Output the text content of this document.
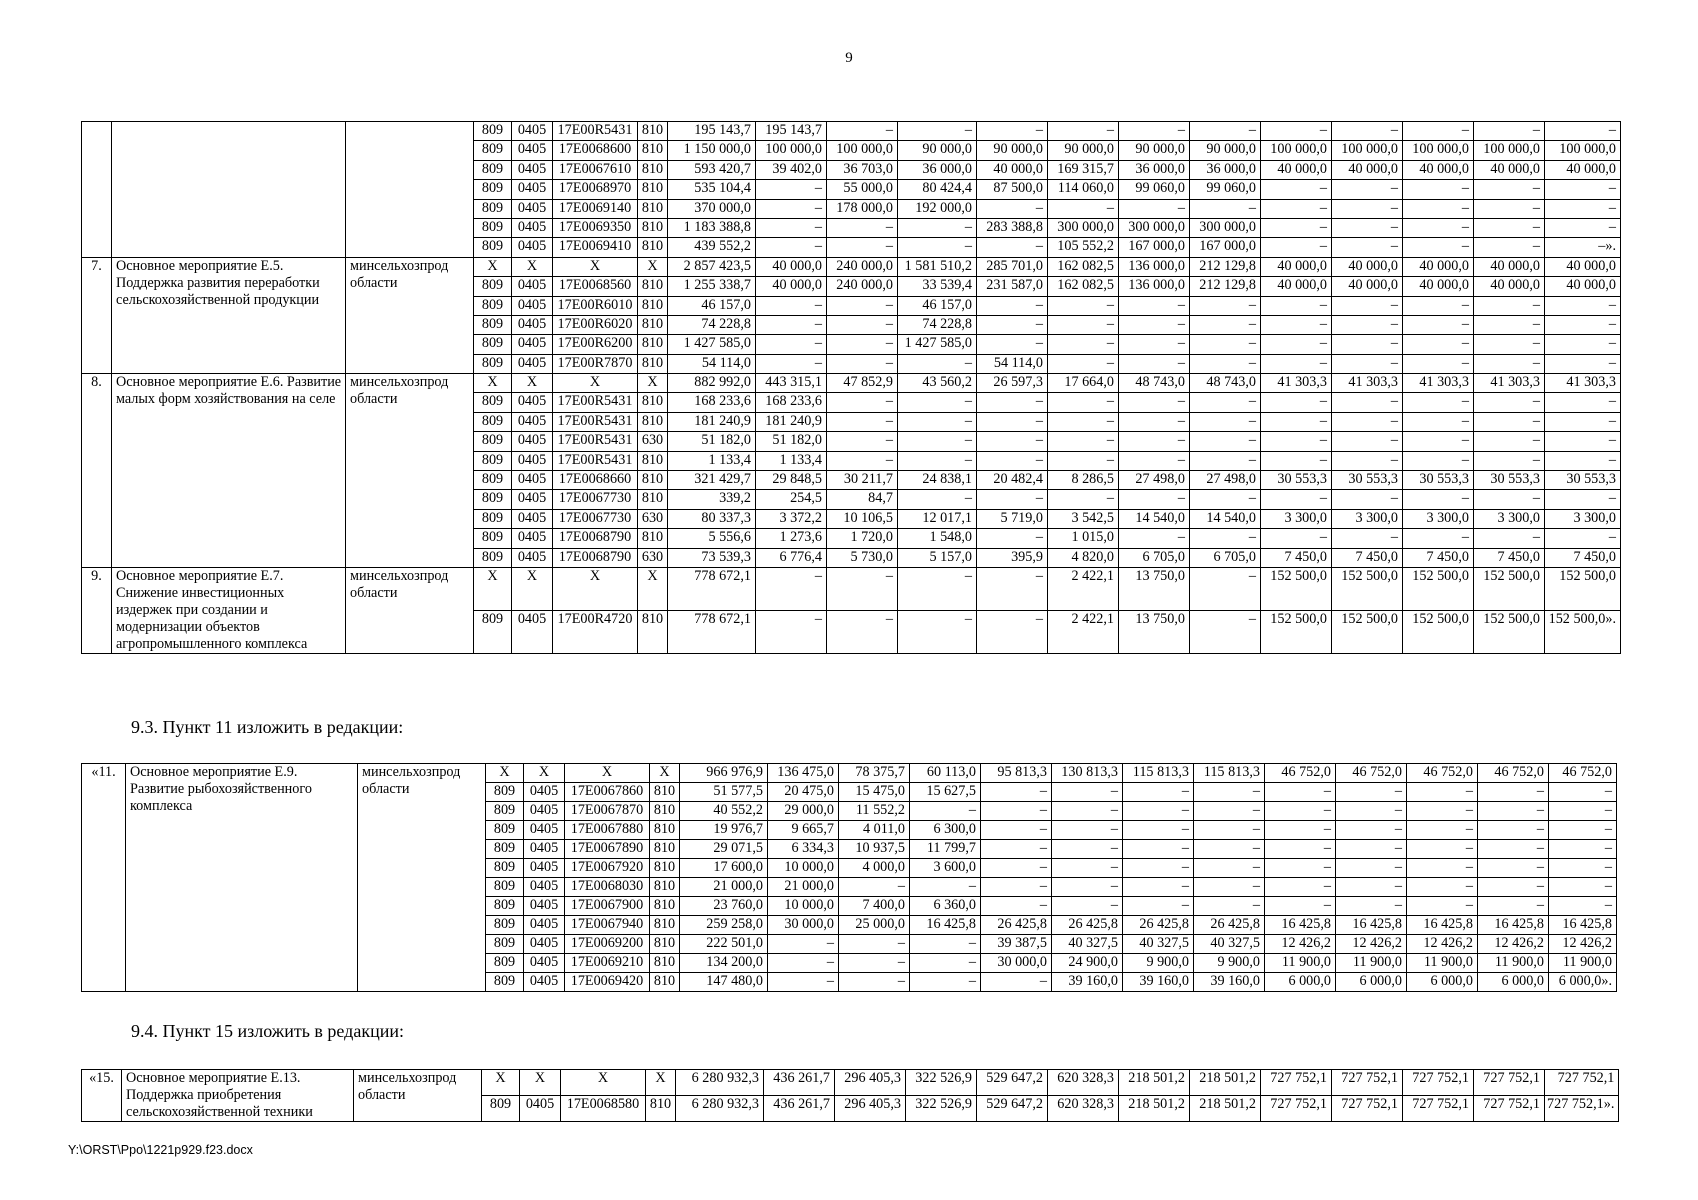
9
			809	0405	17E00R5431	810	195 143,7	195 143,7	–	–	–	–	–	–	–	–	–	–	–
			809	0405	17E0068600	810	1 150 000,0	100 000,0	100 000,0	90 000,0	90 000,0	90 000,0	90 000,0	90 000,0	100 000,0	100 000,0	100 000,0	100 000,0	100 000,0
			809	0405	17E0067610	810	593 420,7	39 402,0	36 703,0	36 000,0	40 000,0	169 315,7	36 000,0	36 000,0	40 000,0	40 000,0	40 000,0	40 000,0	40 000,0
			809	0405	17E0068970	810	535 104,4	–	55 000,0	80 424,4	87 500,0	114 060,0	99 060,0	99 060,0	–	–	–	–	–
			809	0405	17E0069140	810	370 000,0	–	178 000,0	192 000,0	–	–	–	–	–	–	–	–	–
			809	0405	17E0069350	810	1 183 388,8	–	–	–	283 388,8	300 000,0	300 000,0	300 000,0	–	–	–	–	–
			809	0405	17E0069410	810	439 552,2	–	–	–	–	105 552,2	167 000,0	167 000,0	–	–	–	–	–».
7.	Основное мероприятие Е.5. Поддержка развития переработки сельскохозяйственной продукции	минсельхозпрод области	X	X	X	X	2 857 423,5	40 000,0	240 000,0	1 581 510,2	285 701,0	162 082,5	136 000,0	212 129,8	40 000,0	40 000,0	40 000,0	40 000,0	40 000,0
			809	0405	17E0068560	810	1 255 338,7	40 000,0	240 000,0	33 539,4	231 587,0	162 082,5	136 000,0	212 129,8	40 000,0	40 000,0	40 000,0	40 000,0	40 000,0
			809	0405	17E00R6010	810	46 157,0	–	–	46 157,0	–	–	–	–	–	–	–	–	–
			809	0405	17E00R6020	810	74 228,8	–	–	74 228,8	–	–	–	–	–	–	–	–	–
			809	0405	17E00R6200	810	1 427 585,0	–	–	1 427 585,0	–	–	–	–	–	–	–	–	–
			809	0405	17E00R7870	810	54 114,0	–	–	–	54 114,0	–	–	–	–	–	–	–	–
8.	Основное мероприятие Е.6. Развитие малых форм хозяйствования на селе	минсельхозпрод области	X	X	X	X	882 992,0	443 315,1	47 852,9	43 560,2	26 597,3	17 664,0	48 743,0	48 743,0	41 303,3	41 303,3	41 303,3	41 303,3	41 303,3
			809	0405	17E00R5431	810	168 233,6	168 233,6	–	–	–	–	–	–	–	–	–	–	–
			809	0405	17E00R5431	810	181 240,9	181 240,9	–	–	–	–	–	–	–	–	–	–	–
			809	0405	17E00R5431	630	51 182,0	51 182,0	–	–	–	–	–	–	–	–	–	–	–
			809	0405	17E00R5431	810	1 133,4	1 133,4	–	–	–	–	–	–	–	–	–	–	–
			809	0405	17E0068660	810	321 429,7	29 848,5	30 211,7	24 838,1	20 482,4	8 286,5	27 498,0	27 498,0	30 553,3	30 553,3	30 553,3	30 553,3	30 553,3
			809	0405	17E0067730	810	339,2	254,5	84,7	–	–	–	–	–	–	–	–	–	–
			809	0405	17E0067730	630	80 337,3	3 372,2	10 106,5	12 017,1	5 719,0	3 542,5	14 540,0	14 540,0	3 300,0	3 300,0	3 300,0	3 300,0	3 300,0
			809	0405	17E0068790	810	5 556,6	1 273,6	1 720,0	1 548,0	–	1 015,0	–	–	–	–	–	–	–
			809	0405	17E0068790	630	73 539,3	6 776,4	5 730,0	5 157,0	395,9	4 820,0	6 705,0	6 705,0	7 450,0	7 450,0	7 450,0	7 450,0	7 450,0
9.	Основное мероприятие Е.7. Снижение инвестиционных издержек при создании и модернизации объектов агропромышленного комплекса	минсельхозпрод области	X	X	X	X	778 672,1	–	–	–	–	2 422,1	13 750,0	–	152 500,0	152 500,0	152 500,0	152 500,0	152 500,0
			809	0405	17E00R4720	810	778 672,1	–	–	–	–	2 422,1	13 750,0	–	152 500,0	152 500,0	152 500,0	152 500,0	152 500,0».
9.3. Пункт 11 изложить в редакции:
«11.	Основное мероприятие Е.9. Развитие рыбохозяйственного комплекса	минсельхозпрод области	X	X	X	X	966 976,9	136 475,0	78 375,7	60 113,0	95 813,3	130 813,3	115 813,3	115 813,3	46 752,0	46 752,0	46 752,0	46 752,0	46 752,0
			809	0405	17E0067860	810	51 577,5	20 475,0	15 475,0	15 627,5	–	–	–	–	–	–	–	–	–
			809	0405	17E0067870	810	40 552,2	29 000,0	11 552,2	–	–	–	–	–	–	–	–	–	–
			809	0405	17E0067880	810	19 976,7	9 665,7	4 011,0	6 300,0	–	–	–	–	–	–	–	–	–
			809	0405	17E0067890	810	29 071,5	6 334,3	10 937,5	11 799,7	–	–	–	–	–	–	–	–	–
			809	0405	17E0067920	810	17 600,0	10 000,0	4 000,0	3 600,0	–	–	–	–	–	–	–	–	–
			809	0405	17E0068030	810	21 000,0	21 000,0	–	–	–	–	–	–	–	–	–	–	–
			809	0405	17E0067900	810	23 760,0	10 000,0	7 400,0	6 360,0	–	–	–	–	–	–	–	–	–
			809	0405	17E0067940	810	259 258,0	30 000,0	25 000,0	16 425,8	26 425,8	26 425,8	26 425,8	26 425,8	16 425,8	16 425,8	16 425,8	16 425,8	16 425,8
			809	0405	17E0069200	810	222 501,0	–	–	–	39 387,5	40 327,5	40 327,5	40 327,5	12 426,2	12 426,2	12 426,2	12 426,2	12 426,2
			809	0405	17E0069210	810	134 200,0	–	–	–	30 000,0	24 900,0	9 900,0	9 900,0	11 900,0	11 900,0	11 900,0	11 900,0	11 900,0
			809	0405	17E0069420	810	147 480,0	–	–	–	–	39 160,0	39 160,0	39 160,0	6 000,0	6 000,0	6 000,0	6 000,0	6 000,0».
9.4. Пункт 15 изложить в редакции:
«15.	Основное мероприятие Е.13. Поддержка приобретения сельскохозяйственной техники	минсельхозпрод области	X	X	X	X	6 280 932,3	436 261,7	296 405,3	322 526,9	529 647,2	620 328,3	218 501,2	218 501,2	727 752,1	727 752,1	727 752,1	727 752,1	727 752,1
			809	0405	17E0068580	810	6 280 932,3	436 261,7	296 405,3	322 526,9	529 647,2	620 328,3	218 501,2	218 501,2	727 752,1	727 752,1	727 752,1	727 752,1	727 752,1».
Y:\ORST\Ppo\1221p929.f23.docx
